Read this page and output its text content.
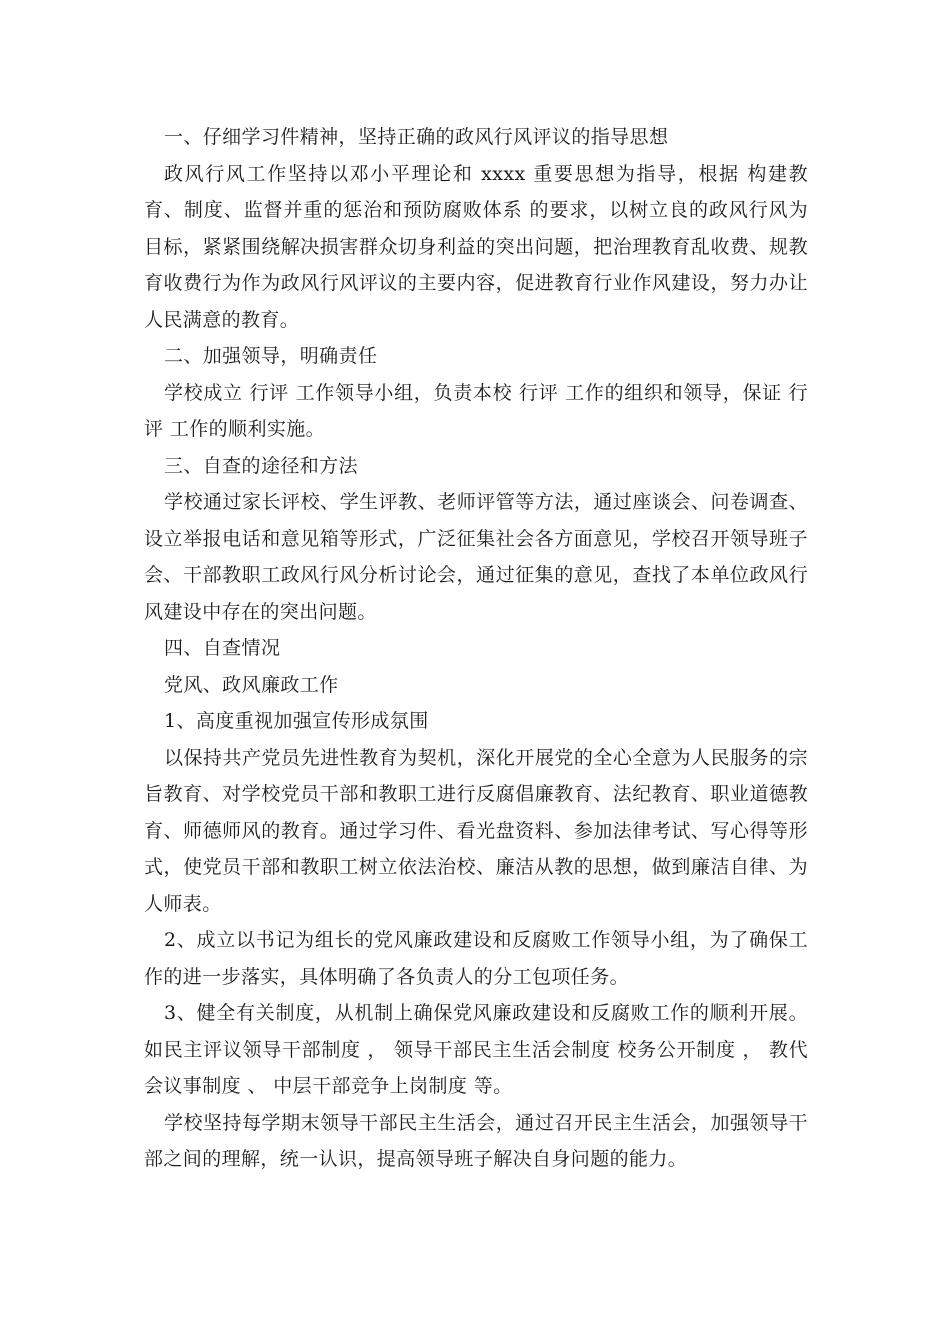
一、仔细学习件精神，坚持正确的政风行风评议的指导思想

政风行风工作坚持以邓小平理论和 xxxx 重要思想为指导，根据 构建教育、制度、监督并重的惩治和预防腐败体系 的要求，以树立良的政风行风为目标，紧紧围绕解决损害群众切身利益的突出问题，把治理教育乱收费、规教育收费行为作为政风行风评议的主要内容，促进教育行业作风建设，努力办让人民满意的教育。

二、加强领导，明确责任

学校成立 行评 工作领导小组，负责本校 行评 工作的组织和领导，保证 行评 工作的顺利实施。

三、自查的途径和方法

学校通过家长评校、学生评教、老师评管等方法，通过座谈会、问卷调查、设立举报电话和意见箱等形式，广泛征集社会各方面意见，学校召开领导班子会、干部教职工政风行风分析讨论会，通过征集的意见，查找了本单位政风行风建设中存在的突出问题。

四、自查情况

党风、政风廉政工作

1、高度重视加强宣传形成氛围

以保持共产党员先进性教育为契机，深化开展党的全心全意为人民服务的宗旨教育、对学校党员干部和教职工进行反腐倡廉教育、法纪教育、职业道德教育、师德师风的教育。通过学习件、看光盘资料、参加法律考试、写心得等形式，使党员干部和教职工树立依法治校、廉洁从教的思想，做到廉洁自律、为人师表。

2、成立以书记为组长的党风廉政建设和反腐败工作领导小组，为了确保工作的进一步落实，具体明确了各负责人的分工包项任务。

3、健全有关制度，从机制上确保党风廉政建设和反腐败工作的顺利开展。如民主评议领导干部制度 ， 领导干部民主生活会制度 校务公开制度 ， 教代会议事制度 、 中层干部竞争上岗制度 等。

学校坚持每学期末领导干部民主生活会，通过召开民主生活会，加强领导干部之间的理解，统一认识，提高领导班子解决自身问题的能力。
